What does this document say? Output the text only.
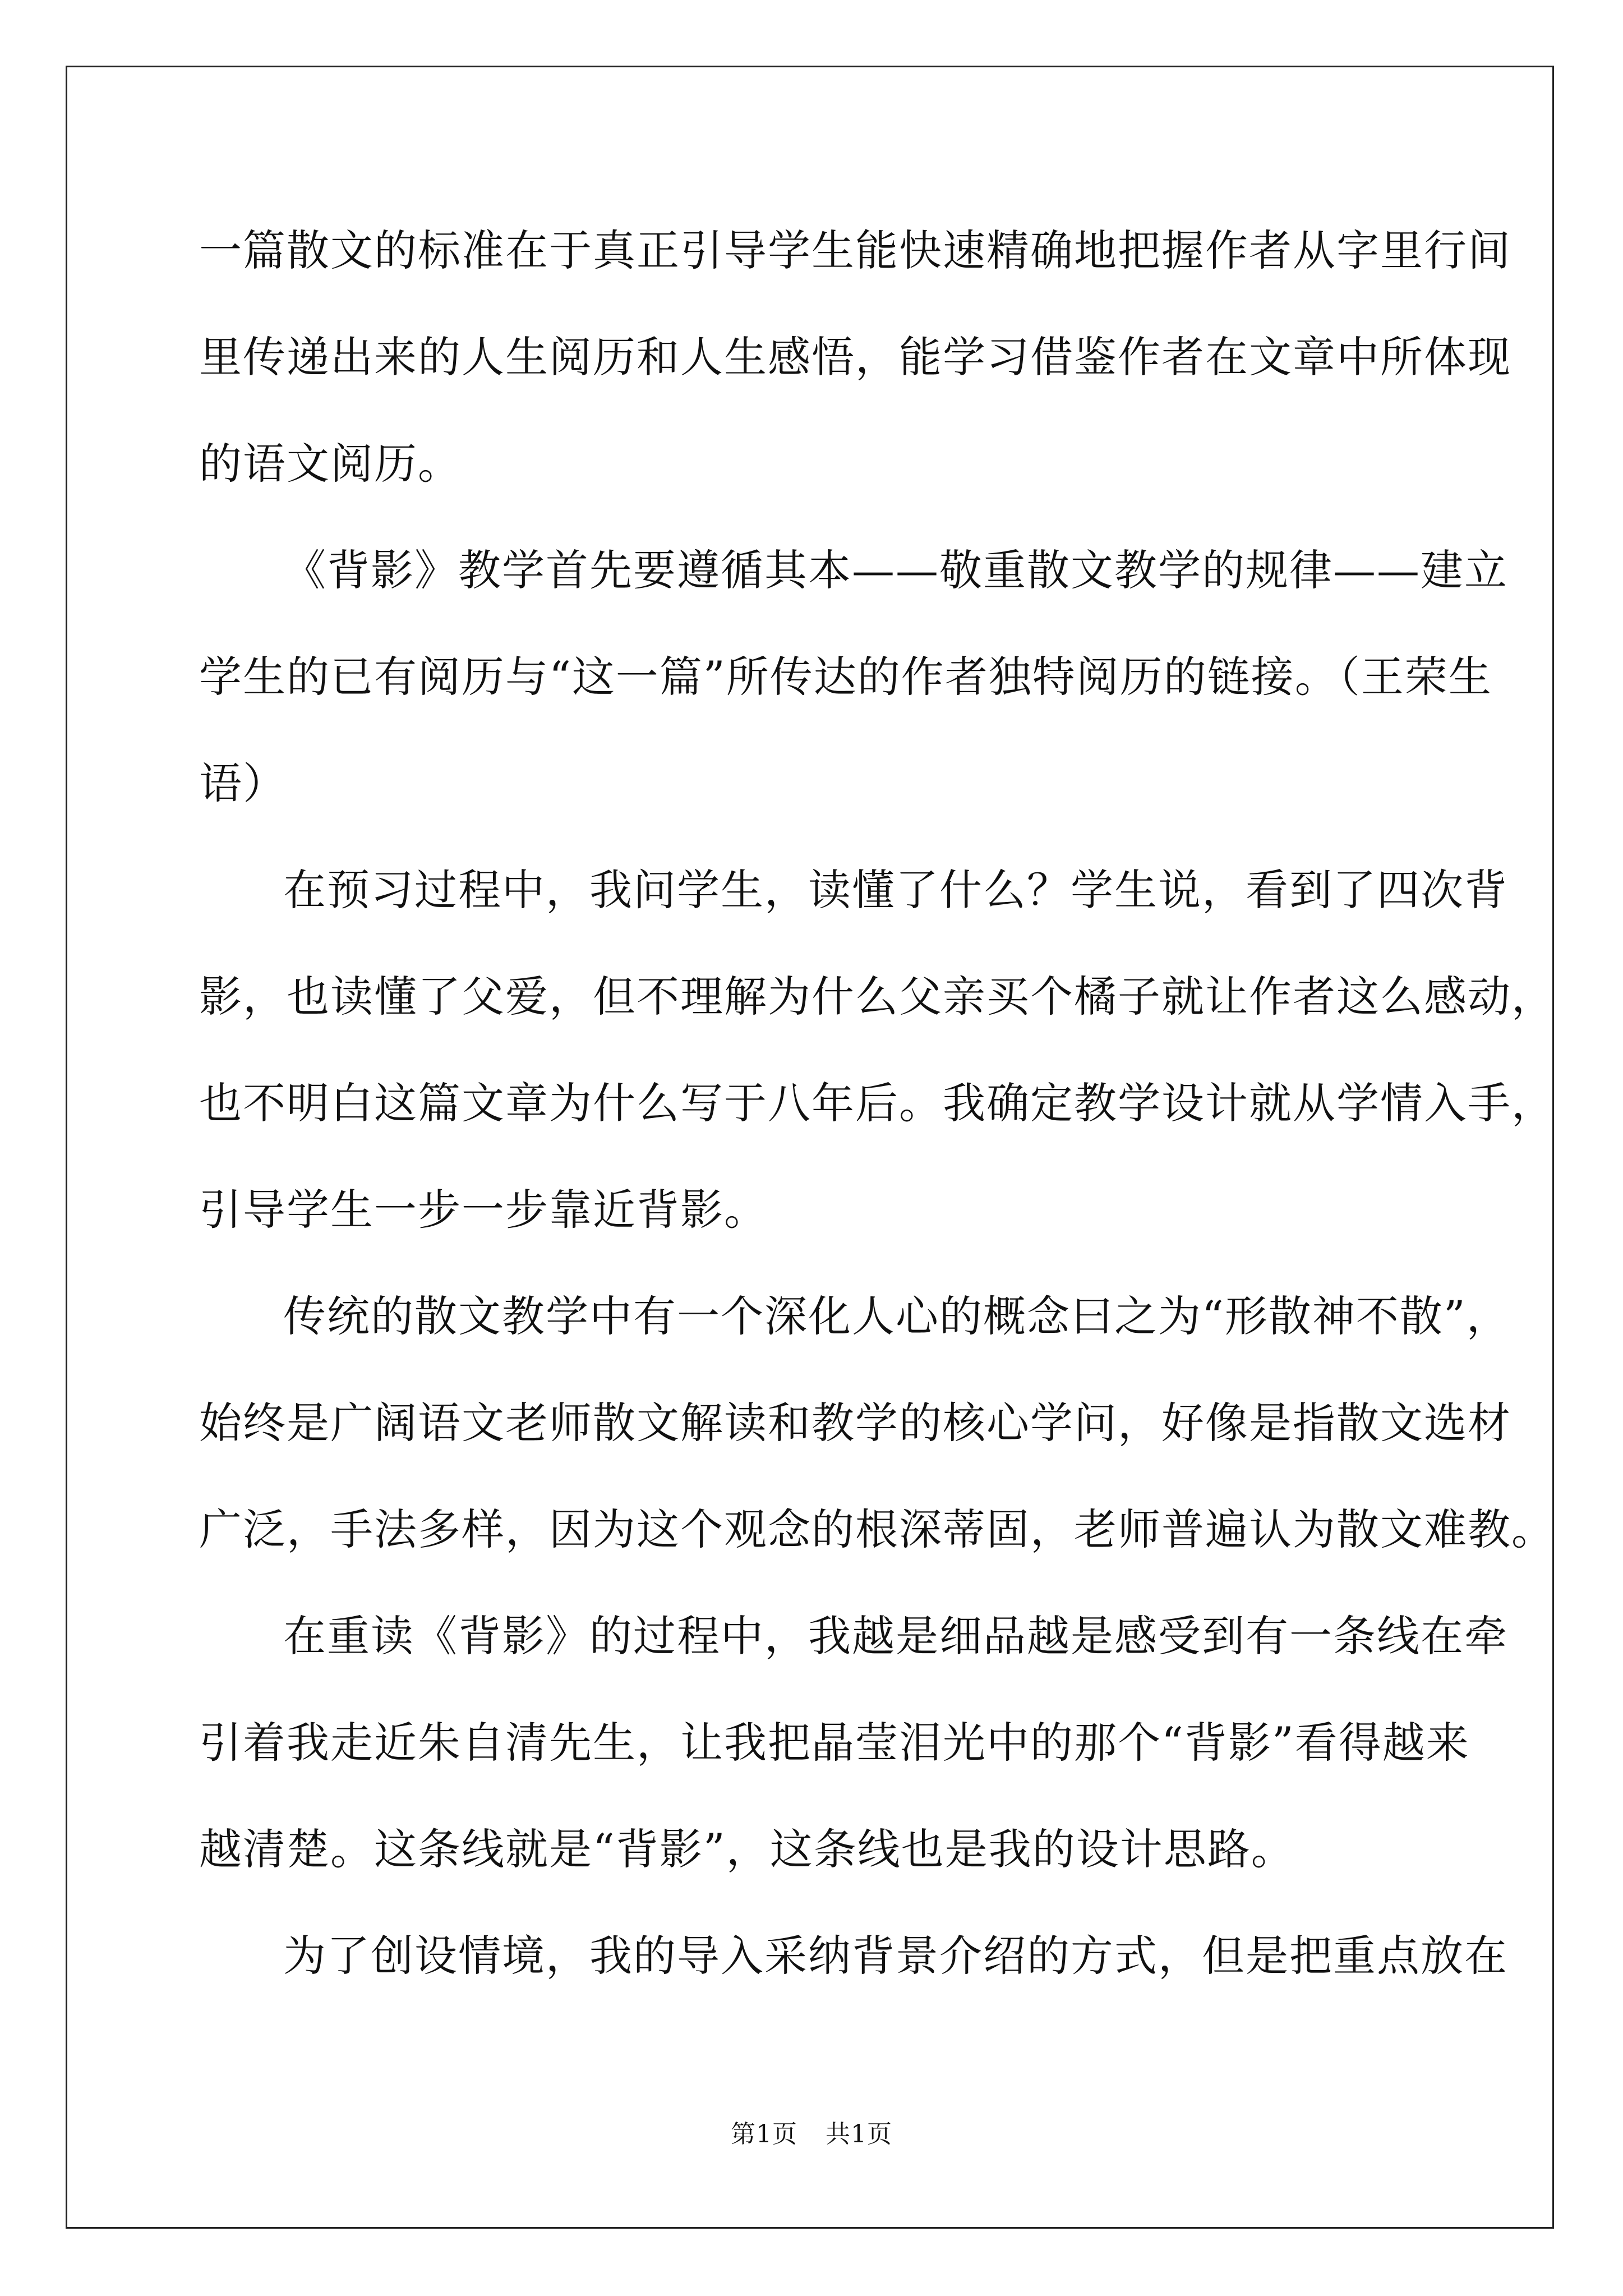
一篇散文的标准在于真正引导学生能快速精确地把握作者从字里行间
里传递出来的人生阅历和人生感悟，能学习借鉴作者在文章中所体现
的语文阅历。
《背影》教学首先要遵循其本——敬重散文教学的规律——建立
学生的已有阅历与“这一篇”所传达的作者独特阅历的链接。（王荣生
语）
在预习过程中，我问学生，读懂了什么？学生说，看到了四次背
影，也读懂了父爱，但不理解为什么父亲买个橘子就让作者这么感动，
也不明白这篇文章为什么写于八年后。我确定教学设计就从学情入手，
引导学生一步一步靠近背影。
传统的散文教学中有一个深化人心的概念曰之为“形散神不散”，
始终是广阔语文老师散文解读和教学的核心学问，好像是指散文选材
广泛，手法多样，因为这个观念的根深蒂固，老师普遍认为散文难教。
在重读《背影》的过程中，我越是细品越是感受到有一条线在牵
引着我走近朱自清先生，让我把晶莹泪光中的那个“背影”看得越来
越清楚。这条线就是“背影”，这条线也是我的设计思路。
为了创设情境，我的导入采纳背景介绍的方式，但是把重点放在
第1页 共1页
